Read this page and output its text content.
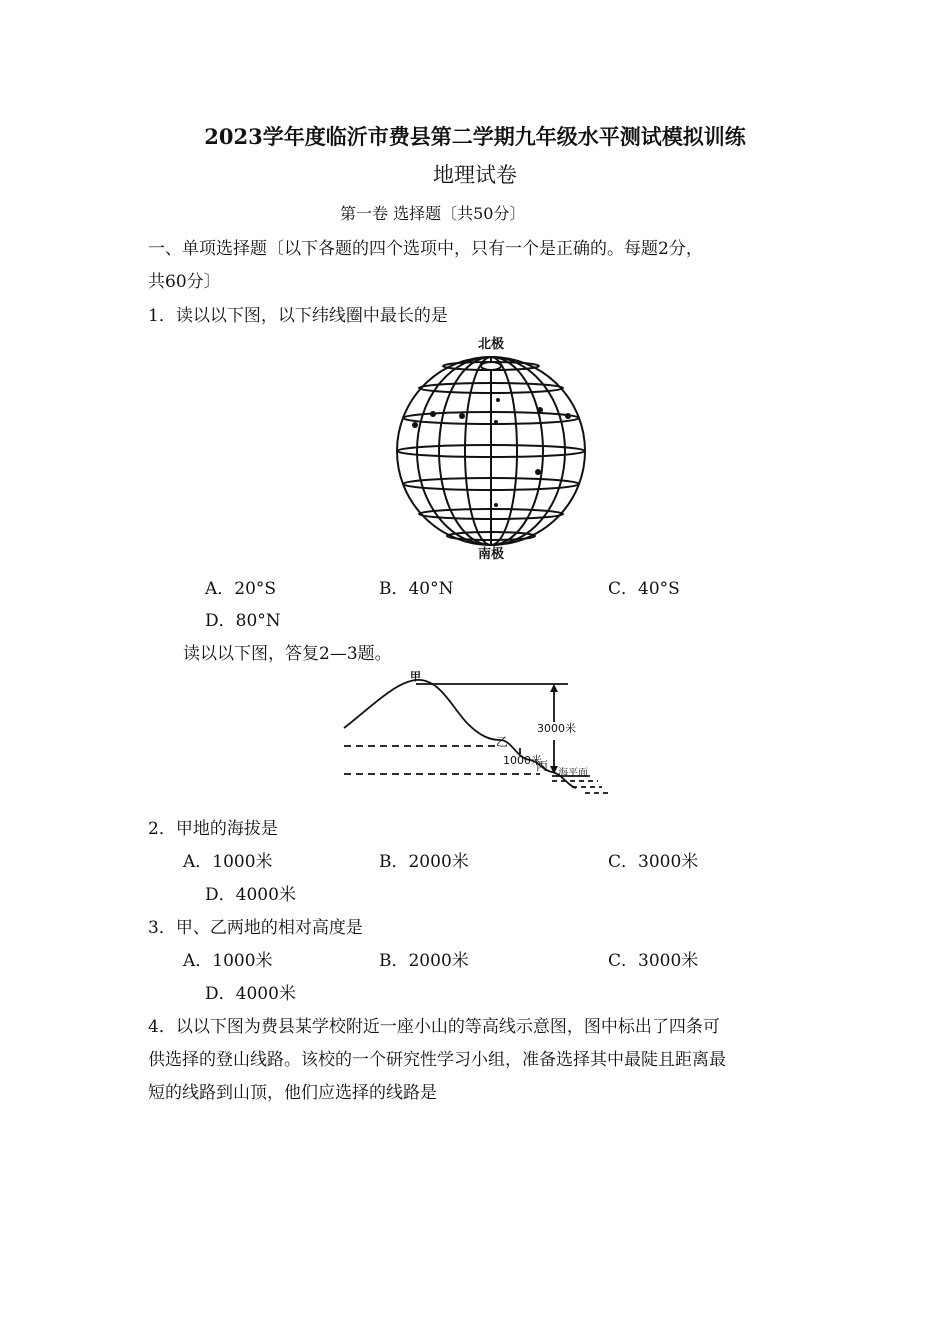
2023学年度临沂市费县第二学期九年级水平测试模拟训练
地理试卷
第一卷 选择题〔共50分〕
一、单项选择题〔以下各题的四个选项中，只有一个是正确的。每题2分，
共60分〕
1．读以以下图，以下纬线圈中最长的是
北极
南极
A．20°S	B．40°N	C．40°S
D．80°N
读以以下图，答复2—3题。
甲
3000米
乙
1000米
丙
海平面
2．甲地的海拔是
A．1000米	B．2000米	C．3000米
D．4000米
3．甲、乙两地的相对高度是
A．1000米	B．2000米	C．3000米
D．4000米
4．以以下图为费县某学校附近一座小山的等高线示意图，图中标出了四条可
供选择的登山线路。该校的一个研究性学习小组，准备选择其中最陡且距离最
短的线路到山顶，他们应选择的线路是
